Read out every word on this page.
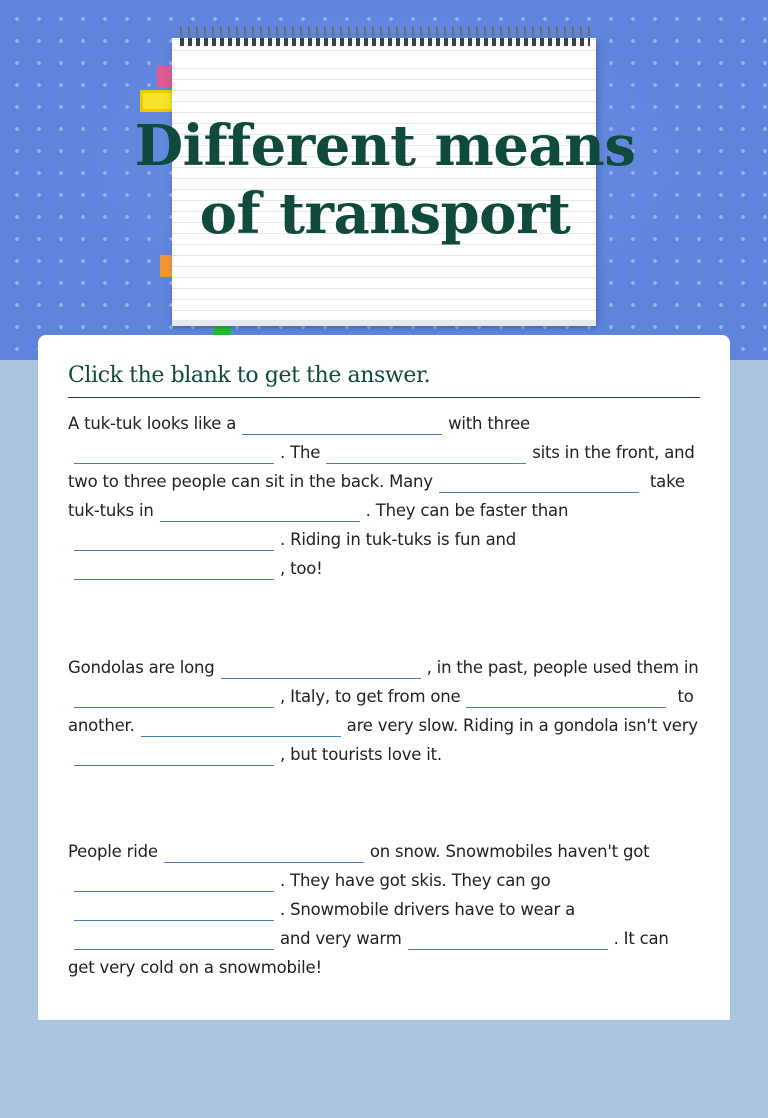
Different means
of transport
Click the blank to get the answer.
A tuk-tuk looks like a	with three . The	sits in the front, and two to three people can sit in the back. Many	take tuk-tuks in	. They can be faster than . Riding in tuk-tuks is fun and , too!
Gondolas are long	, in the past, people used them in, Italy, to get from one	to another.	are very slow. Riding in a gondola isn't very, but tourists love it.
People ride	on snow. Snowmobiles haven't got . They have got skis. They can go . Snowmobile drivers have to wear a and very warm	. It can get very cold on a snowmobile!
